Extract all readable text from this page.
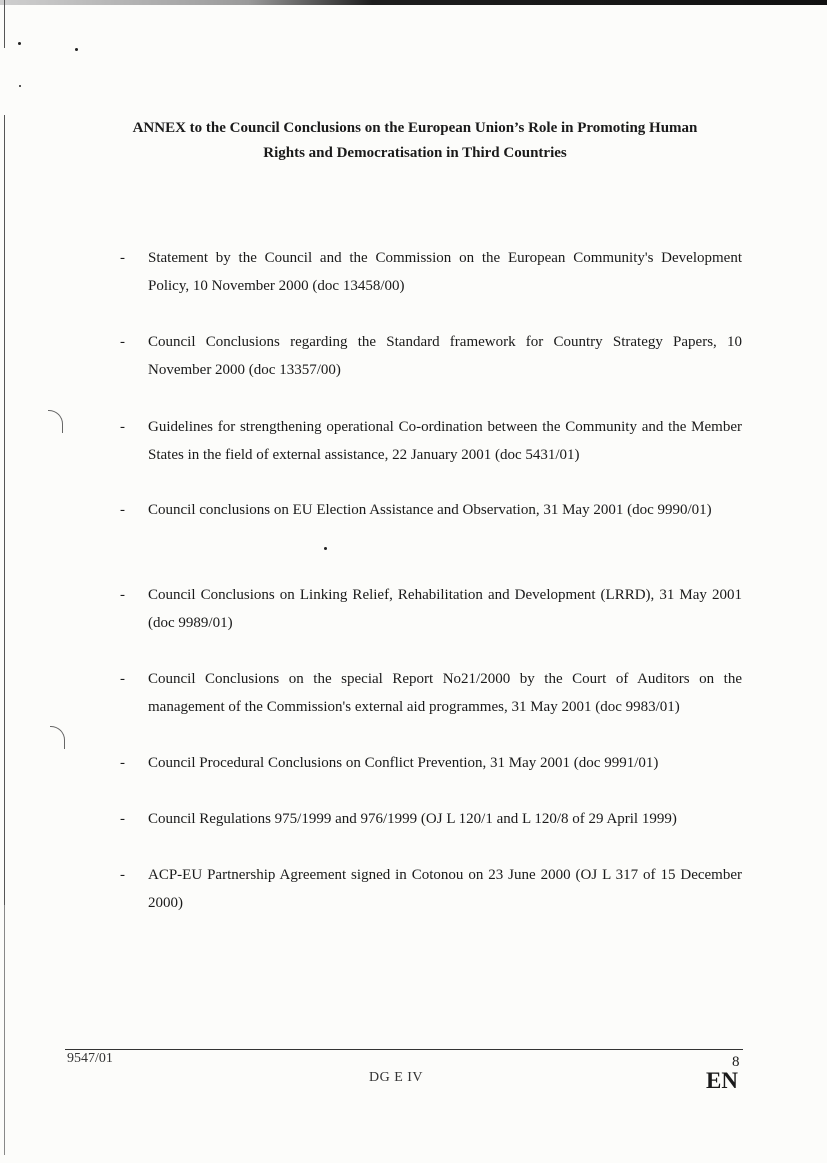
ANNEX to the Council Conclusions on the European Union’s Role in Promoting Human
Rights and Democratisation in Third Countries
- Statement by the Council and the Commission on the European Community's Development Policy, 10 November 2000 (doc 13458/00)
- Council Conclusions regarding the Standard framework for Country Strategy Papers, 10 November 2000 (doc 13357/00)
- Guidelines for strengthening operational Co-ordination between the Community and the Member States in the field of external assistance, 22 January 2001 (doc 5431/01)
- Council conclusions on EU Election Assistance and Observation, 31 May 2001 (doc 9990/01)
- Council Conclusions on Linking Relief, Rehabilitation and Development (LRRD), 31 May 2001 (doc 9989/01)
- Council Conclusions on the special Report No21/2000 by the Court of Auditors on the management of the Commission's external aid programmes, 31 May 2001 (doc 9983/01)
- Council Procedural Conclusions on Conflict Prevention, 31 May 2001 (doc 9991/01)
- Council Regulations 975/1999 and 976/1999 (OJ L 120/1 and L 120/8 of 29 April 1999)
- ACP-EU Partnership Agreement signed in Cotonou on 23 June 2000 (OJ L 317 of 15 December 2000)
9547/01
DG E IV
8
EN
